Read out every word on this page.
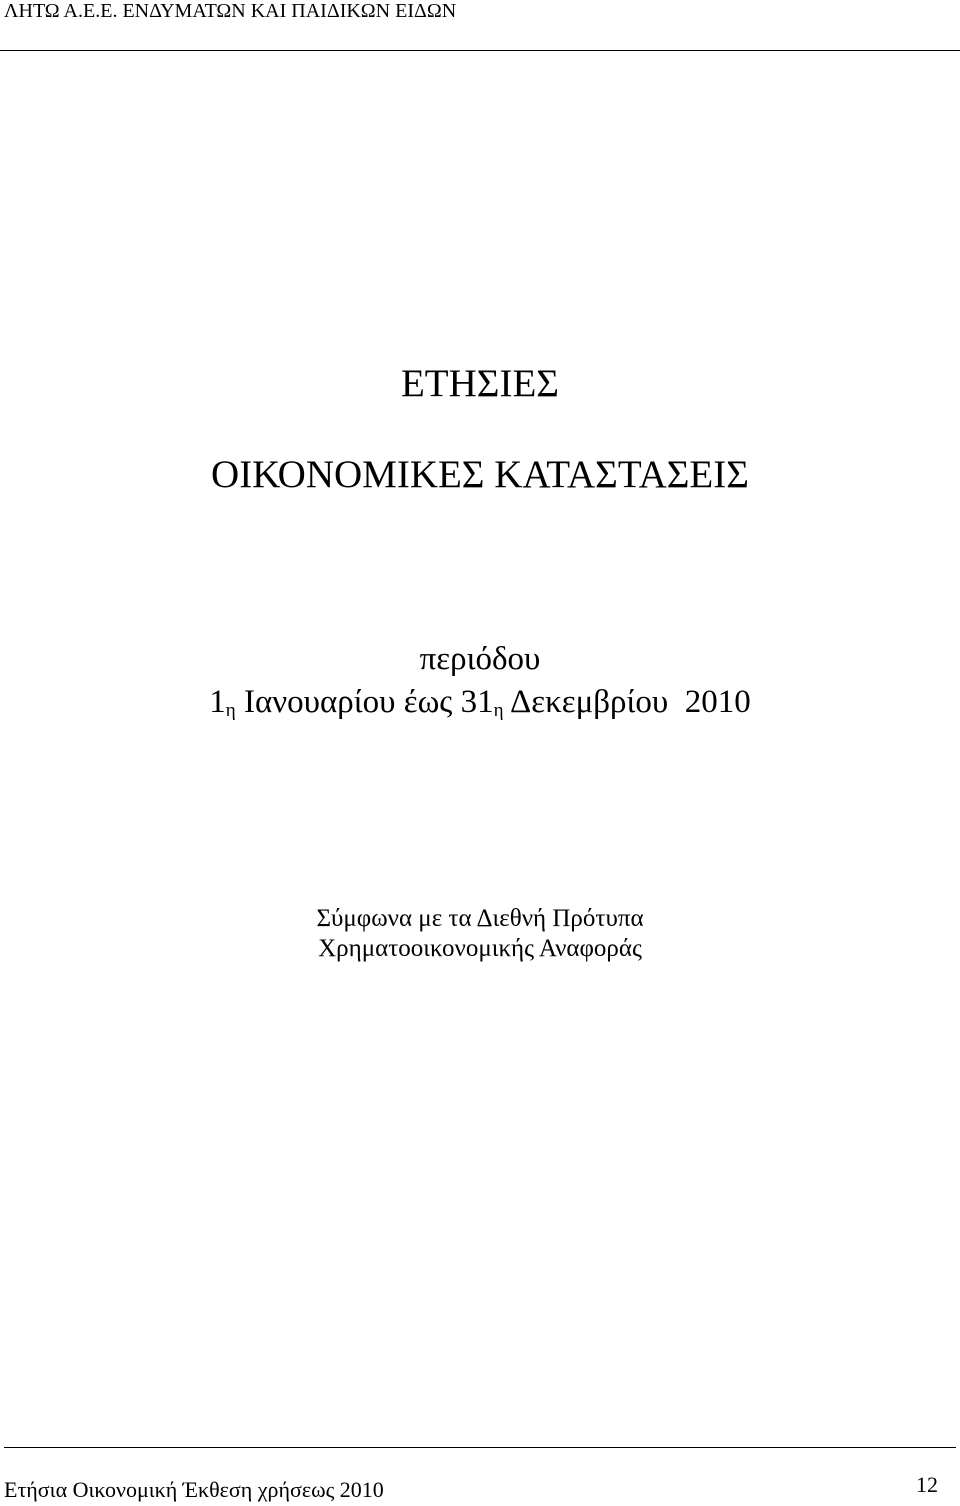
ΛΗΤΩ Α.Ε.Ε. ΕΝΔΥΜΑΤΩΝ ΚΑΙ ΠΑΙΔΙΚΩΝ ΕΙΔΩΝ
ΕΤΗΣΙΕΣ
ΟΙΚΟΝΟΜΙΚΕΣ ΚΑΤΑΣΤΑΣΕΙΣ
περιόδου
$1_\eta$ Ιανουαρίου έως $31_\eta$ Δεκεμβρίου 2010
Σύμφωνα με τα Διεθνή Πρότυπα
Χρηματοοικονομικής Αναφοράς
Ετήσια Οικονομική Έκθεση χρήσεως 2010	12
